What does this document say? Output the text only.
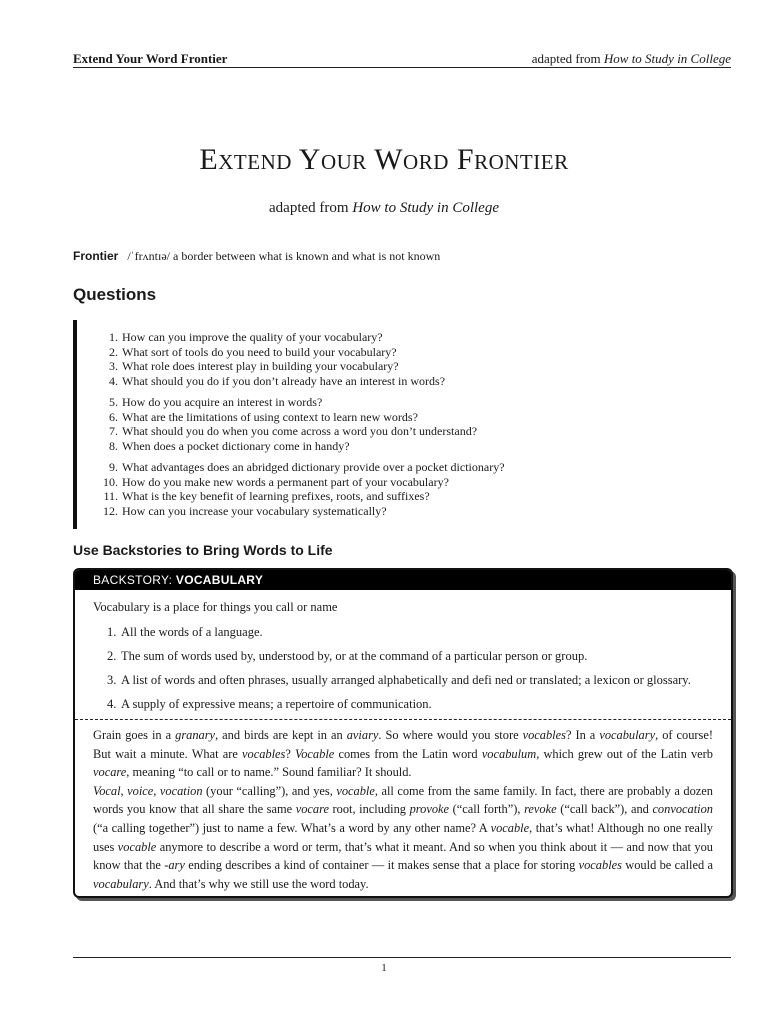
Extend Your Word Frontier	adapted from How to Study in College
Extend Your Word Frontier
adapted from How to Study in College
Frontier /ˈfrʌntɪə/ a border between what is known and what is not known
Questions
1. How can you improve the quality of your vocabulary?
2. What sort of tools do you need to build your vocabulary?
3. What role does interest play in building your vocabulary?
4. What should you do if you don’t already have an interest in words?
5. How do you acquire an interest in words?
6. What are the limitations of using context to learn new words?
7. What should you do when you come across a word you don’t understand?
8. When does a pocket dictionary come in handy?
9. What advantages does an abridged dictionary provide over a pocket dictionary?
10. How do you make new words a permanent part of your vocabulary?
11. What is the key benefit of learning prefixes, roots, and suffixes?
12. How can you increase your vocabulary systematically?
Use Backstories to Bring Words to Life
BACKSTORY: VOCABULARY
Vocabulary is a place for things you call or name
1. All the words of a language.
2. The sum of words used by, understood by, or at the command of a particular person or group.
3. A list of words and often phrases, usually arranged alphabetically and defi ned or translated; a lexicon or glossary.
4. A supply of expressive means; a repertoire of communication.
Grain goes in a granary, and birds are kept in an aviary. So where would you store vocables? In a vocabulary, of course! But wait a minute. What are vocables? Vocable comes from the Latin word vocabulum, which grew out of the Latin verb vocare, meaning “to call or to name.” Sound familiar? It should.
Vocal, voice, vocation (your “calling”), and yes, vocable, all come from the same family. In fact, there are probably a dozen words you know that all share the same vocare root, including provoke (“call forth”), revoke (“call back”), and convocation (“a calling together”) just to name a few. What’s a word by any other name? A vocable, that’s what! Although no one really uses vocable anymore to describe a word or term, that’s what it meant. And so when you think about it — and now that you know that the -ary ending describes a kind of container — it makes sense that a place for storing vocables would be called a vocabulary. And that’s why we still use the word today.
1
